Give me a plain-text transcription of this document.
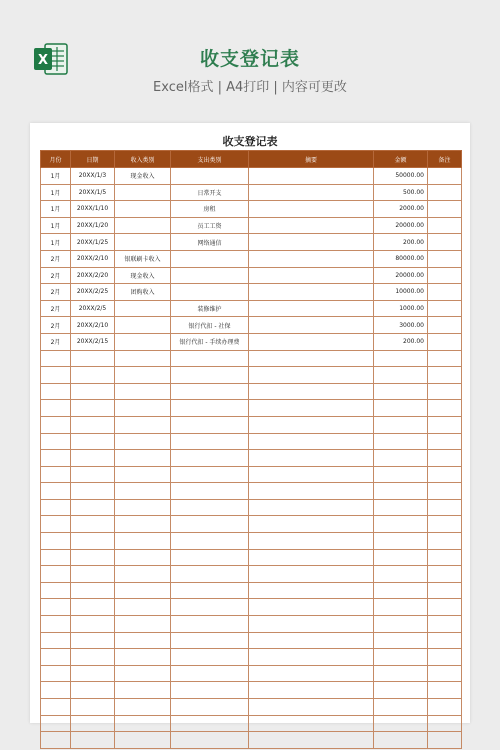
X	收支登记表
Excel格式 | A4打印 | 内容可更改
收支登记表
月份	日期	收入类别	支出类别	摘要	金额	备注
1月	20XX/1/3	现金收入			50000.00	
1月	20XX/1/5		日常开支		500.00	
1月	20XX/1/10		房租		2000.00	
1月	20XX/1/20		员工工资		20000.00	
1月	20XX/1/25		网络通信		200.00	
2月	20XX/2/10	银联刷卡收入			80000.00	
2月	20XX/2/20	现金收入			20000.00	
2月	20XX/2/25	团购收入			10000.00	
2月	20XX/2/5		装修维护		1000.00	
2月	20XX/2/10		银行代扣 - 社保		3000.00	
2月	20XX/2/15		银行代扣 - 手续办理费		200.00	
